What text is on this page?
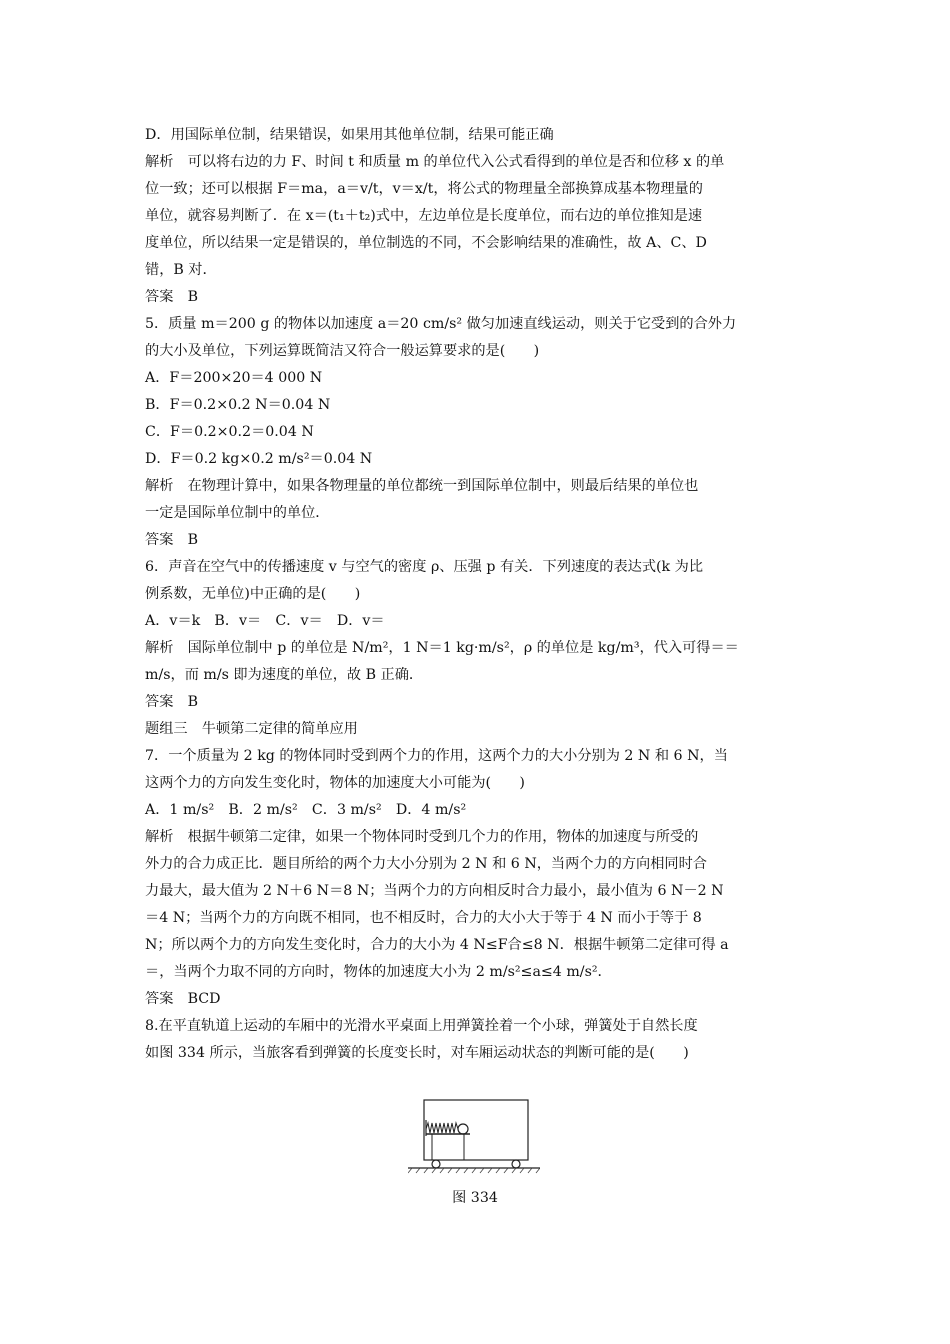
D．用国际单位制，结果错误，如果用其他单位制，结果可能正确
解析　可以将右边的力 F、时间 t 和质量 m 的单位代入公式看得到的单位是否和位移 x 的单
位一致；还可以根据 F＝ma，a＝v/t，v＝x/t，将公式的物理量全部换算成基本物理量的
单位，就容易判断了．在 x＝(t₁＋t₂)式中，左边单位是长度单位，而右边的单位推知是速
度单位，所以结果一定是错误的，单位制选的不同，不会影响结果的准确性，故 A、C、D
错，B 对．
答案　B
5．质量 m＝200 g 的物体以加速度 a＝20 cm/s² 做匀加速直线运动，则关于它受到的合外力
的大小及单位，下列运算既简洁又符合一般运算要求的是(　　)
A．F＝200×20＝4 000 N
B．F＝0.2×0.2 N＝0.04 N
C．F＝0.2×0.2＝0.04 N
D．F＝0.2 kg×0.2 m/s²＝0.04 N
解析　在物理计算中，如果各物理量的单位都统一到国际单位制中，则最后结果的单位也
一定是国际单位制中的单位．
答案　B
6．声音在空气中的传播速度 v 与空气的密度 ρ、压强 p 有关．下列速度的表达式(k 为比
例系数，无单位)中正确的是(　　)
A．v＝k　B．v＝　C．v＝　D．v＝
解析　国际单位制中 p 的单位是 N/m²，1 N＝1 kg·m/s²，ρ 的单位是 kg/m³，代入可得＝＝
m/s，而 m/s 即为速度的单位，故 B 正确．
答案　B
题组三　牛顿第二定律的简单应用
7．一个质量为 2 kg 的物体同时受到两个力的作用，这两个力的大小分别为 2 N 和 6 N，当
这两个力的方向发生变化时，物体的加速度大小可能为(　　)
A．1 m/s²　B．2 m/s²　C．3 m/s²　D．4 m/s²
解析　根据牛顿第二定律，如果一个物体同时受到几个力的作用，物体的加速度与所受的
外力的合力成正比．题目所给的两个力大小分别为 2 N 和 6 N，当两个力的方向相同时合
力最大，最大值为 2 N＋6 N＝8 N；当两个力的方向相反时合力最小，最小值为 6 N－2 N
＝4 N；当两个力的方向既不相同，也不相反时，合力的大小大于等于 4 N 而小于等于 8
N；所以两个力的方向发生变化时，合力的大小为 4 N≤F合≤8 N．根据牛顿第二定律可得 a
＝，当两个力取不同的方向时，物体的加速度大小为 2 m/s²≤a≤4 m/s²．
答案　BCD
8.在平直轨道上运动的车厢中的光滑水平桌面上用弹簧拴着一个小球，弹簧处于自然长度
如图 334 所示，当旅客看到弹簧的长度变长时，对车厢运动状态的判断可能的是(　　)
图 334
